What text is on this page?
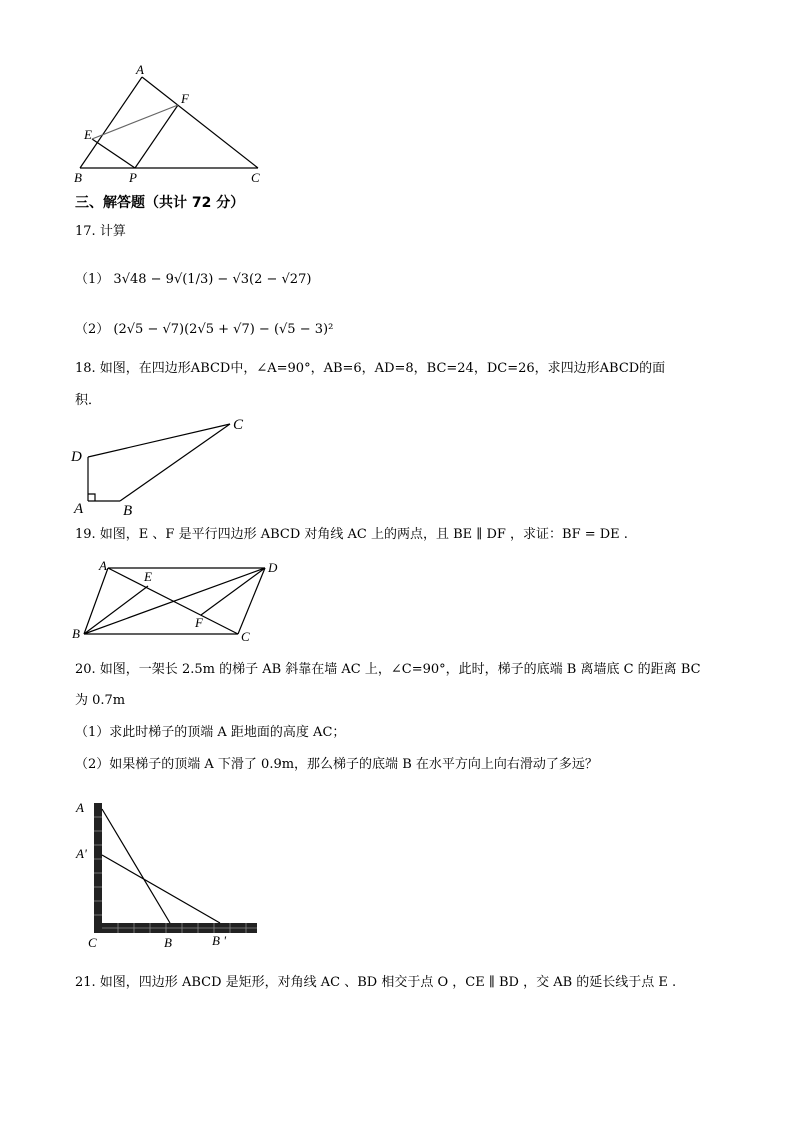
A
F
E
B	P	C
三、解答题（共计 72 分）
17. 计算
（1） 3√48 − 9√(1/3) − √3(2 − √27)
（2） (2√5 − √7)(2√5 + √7) − (√5 − 3)²
18. 如图，在四边形ABCD中，∠A=90°，AB=6，AD=8，BC=24，DC=26，求四边形ABCD的面
积．
D
C
A	B
19. 如图，E 、F 是平行四边形 ABCD 对角线 AC 上的两点，且 BE ∥ DF ，求证：BF = DE .
A
E
D
B
F
C
20. 如图，一架长 2.5m 的梯子 AB 斜靠在墙 AC 上，∠C=90°，此时，梯子的底端 B 离墙底 C 的距离 BC
为 0.7m
（1）求此时梯子的顶端 A 距地面的高度 AC；
（2）如果梯子的顶端 A 下滑了 0.9m，那么梯子的底端 B 在水平方向上向右滑动了多远？
A
A'
C	B	B '
21. 如图，四边形 ABCD 是矩形，对角线 AC 、BD 相交于点 O ，CE ∥ BD ，交 AB 的延长线于点 E .
